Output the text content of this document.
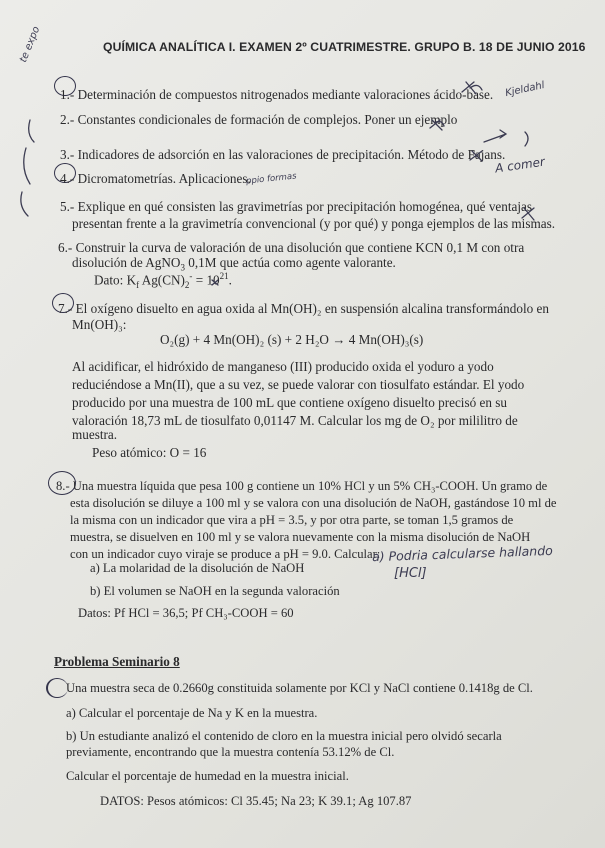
QUÍMICA ANALÍTICA I. EXAMEN 2º CUATRIMESTRE. GRUPO B. 18 DE JUNIO 2016
te expo
Kjeldahl
A comer
ppio formas
1.- Determinación de compuestos nitrogenados mediante valoraciones ácido-base.
2.- Constantes condicionales de formación de complejos. Poner un ejemplo
3.- Indicadores de adsorción en las valoraciones de precipitación. Método de Fajans.
4.- Dicromatometrías. Aplicaciones.
5.- Explique en qué consisten las gravimetrías por precipitación homogénea, qué ventajas
presentan frente a la gravimetría convencional (y por qué) y ponga ejemplos de las mismas.
6.- Construir la curva de valoración de una disolución que contiene KCN 0,1 M con otra
disolución de AgNO$_3$ 0,1M que actúa como agente valorante.
Dato: $K_f$ $Ag(CN)_2^- = 10^{21}$.
7.- El oxígeno disuelto en agua oxida al Mn(OH)₂ en suspensión alcalina transformándolo en
Mn(OH)₃:
O₂(g) + 4 Mn(OH)₂ (s) + 2 H₂O → 4 Mn(OH)₃(s)
Al acidificar, el hidróxido de manganeso (III) producido oxida el yoduro a yodo
reduciéndose a Mn(II), que a su vez, se puede valorar con tiosulfato estándar. El yodo
producido por una muestra de 100 mL que contiene oxígeno disuelto precisó en su
valoración 18,73 mL de tiosulfato 0,01147 M. Calcular los mg de O₂ por mililitro de
muestra.
Peso atómico: O = 16
8.- Una muestra líquida que pesa 100 g contiene un 10% HCl y un 5% CH₃-COOH. Un gramo de
esta disolución se diluye a 100 ml y se valora con una disolución de NaOH, gastándose 10 ml de
la misma con un indicador que vira a pH = 3.5, y por otra parte, se toman 1,5 gramos de
muestra, se disuelven en 100 ml y se valora nuevamente con la misma disolución de NaOH
con un indicador cuyo viraje se produce a pH = 9.0. Calcular:
a) La molaridad de la disolución de NaOH
b) El volumen se NaOH en la segunda valoración
Datos: Pf HCl = 36,5; Pf CH₃-COOH = 60
a) Podria calcularse hallando
[HCl]
Problema Seminario 8
Una muestra seca de 0.2660g constituida solamente por KCl y NaCl contiene 0.1418g de Cl.
a) Calcular el porcentaje de Na y K en la muestra.
b) Un estudiante analizó el contenido de cloro en la muestra inicial pero olvidó secarla
previamente, encontrando que la muestra contenía 53.12% de Cl.
Calcular el porcentaje de humedad en la muestra inicial.
DATOS: Pesos atómicos: Cl 35.45; Na 23; K 39.1; Ag 107.87
